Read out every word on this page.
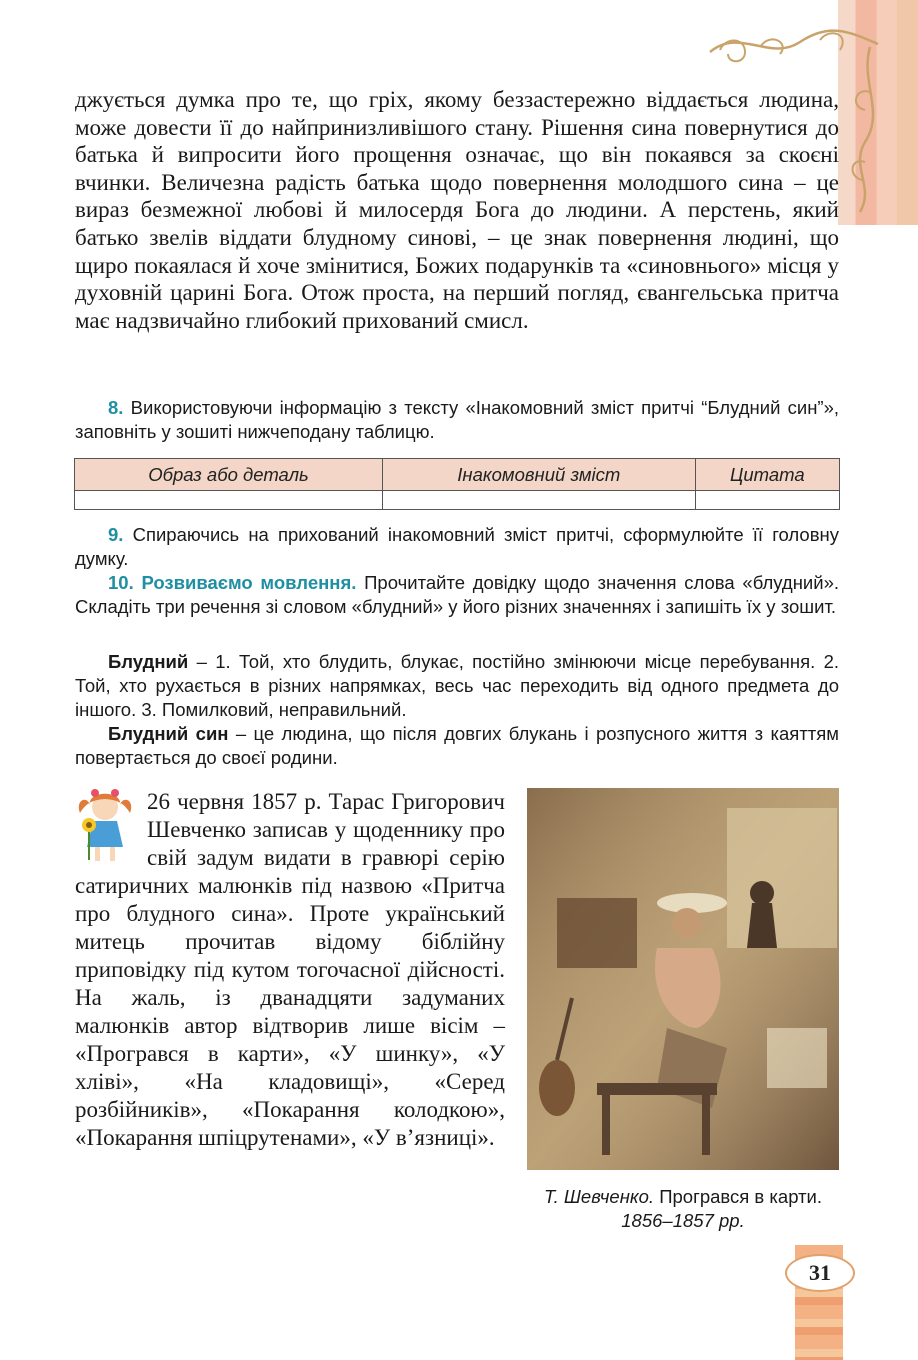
джується думка про те, що гріх, якому беззастережно віддається людина, може довести її до найпринизливішого стану. Рішення сина повернутися до батька й випросити його прощення означає, що він покаявся за скоєні вчинки. Величезна радість батька щодо повернення молодшого сина – це вираз безмежної любові й милосердя Бога до людини. А перстень, який батько звелів віддати блудному синові, – це знак повернення людині, що щиро покаялася й хоче змінитися, Божих подарунків та «синовнього» місця у духовній царині Бога. Отож проста, на перший погляд, євангельська притча має надзвичайно глибокий прихований смисл.

8. Використовуючи інформацію з тексту «Інакомовний зміст притчі “Блудний син”», заповніть у зошиті нижчеподану таблицю.

Образ або деталь	Інакомовний зміст	Цитата

9. Спираючись на прихований інакомовний зміст притчі, сформулюйте її головну думку.

10. Розвиваємо мовлення. Прочитайте довідку щодо значення слова «блудний». Складіть три речення зі словом «блудний» у його різних значеннях і запишіть їх у зошит.

Блудний – 1. Той, хто блудить, блукає, постійно змінюючи місце перебування. 2. Той, хто рухається в різних напрямках, весь час переходить від одного предмета до іншого. 3. Помилковий, неправильний.

Блудний син – це людина, що після довгих блукань і розпусного життя з каяттям повертається до своєї родини.

26 червня 1857 р. Тарас Григорович Шевченко записав у щоденнику про свій задум видати в гравюрі серію сатиричних малюнків під назвою «Притча про блудного сина». Проте український митець прочитав відому біблійну приповідку під кутом тогочасної дійсності. На жаль, із дванадцяти задуманих малюнків автор відтворив лише вісім – «Програвся в карти», «У шинку», «У хліві», «На кладовищі», «Серед розбійників», «Покарання колодкою», «Покарання шпіцрутенами», «У в’язниці».

Т. Шевченко. Програвся в карти. 1856–1857 рр.
31
